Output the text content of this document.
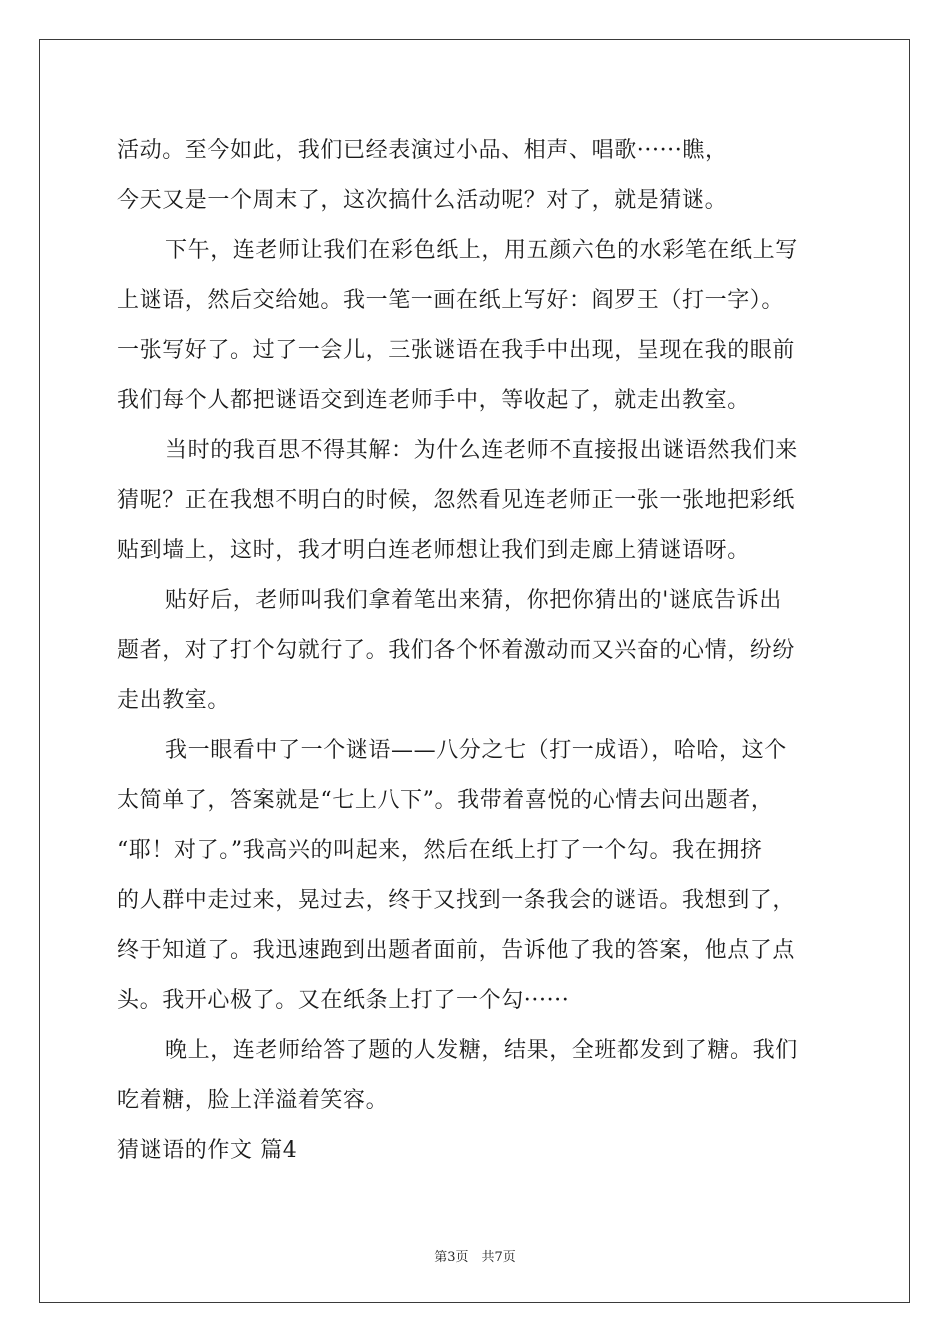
活动。至今如此，我们已经表演过小品、相声、唱歌······瞧，
今天又是一个周末了，这次搞什么活动呢？对了，就是猜谜。
下午，连老师让我们在彩色纸上，用五颜六色的水彩笔在纸上写
上谜语，然后交给她。我一笔一画在纸上写好：阎罗王（打一字）。
一张写好了。过了一会儿，三张谜语在我手中出现，呈现在我的眼前
我们每个人都把谜语交到连老师手中，等收起了，就走出教室。
当时的我百思不得其解：为什么连老师不直接报出谜语然我们来
猜呢？正在我想不明白的时候，忽然看见连老师正一张一张地把彩纸
贴到墙上，这时，我才明白连老师想让我们到走廊上猜谜语呀。
贴好后，老师叫我们拿着笔出来猜，你把你猜出的'谜底告诉出
题者，对了打个勾就行了。我们各个怀着激动而又兴奋的心情，纷纷
走出教室。
我一眼看中了一个谜语——八分之七（打一成语），哈哈，这个
太简单了，答案就是“七上八下”。我带着喜悦的心情去问出题者，
“耶！对了。”我高兴的叫起来，然后在纸上打了一个勾。我在拥挤
的人群中走过来，晃过去，终于又找到一条我会的谜语。我想到了，
终于知道了。我迅速跑到出题者面前，告诉他了我的答案，他点了点
头。我开心极了。又在纸条上打了一个勾······
晚上，连老师给答了题的人发糖，结果，全班都发到了糖。我们
吃着糖，脸上洋溢着笑容。
猜谜语的作文 篇4
第3页　共7页
